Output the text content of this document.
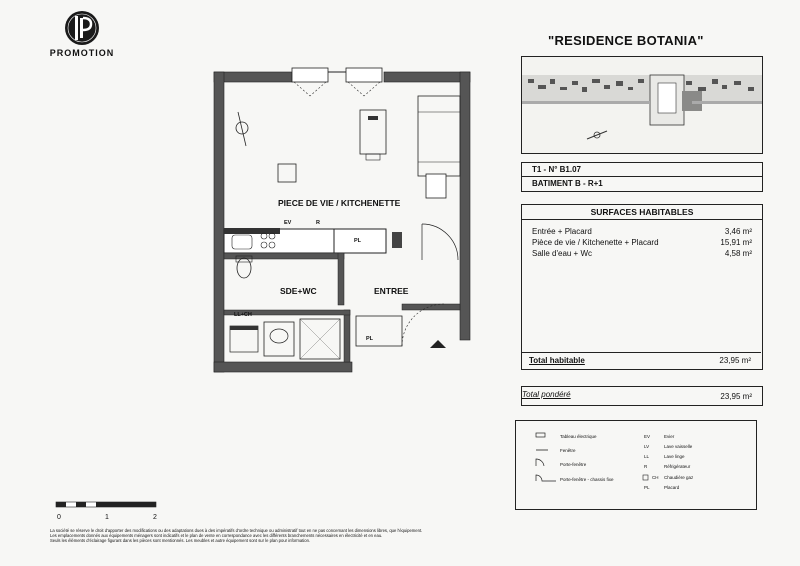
PROMOTION
"RESIDENCE BOTANIA"
T1 - N° B1.07
BATIMENT B - R+1
SURFACES HABITABLES
Entrée + Placard	3,46 m²
Pièce de vie / Kitchenette + Placard	15,91 m²
Salle d'eau + Wc	4,58 m²
Total habitable	23,95 m²
Total pondéré	23,95 m²
Tableau électrique
Fenêtre
Porte-fenêtre
Porte-fenêtre - chassis fixe
EV	Evier
LV	Lave vaisselle
LL	Lave linge
R	Réfrigérateur
CH Chaudière gaz
PL	Placard
PIECE DE VIE / KITCHENETTE
EV	R
PL
SDE+WC	ENTREE
LL+CH
PL
0	1	2
La société se réserve le droit d'apporter des modifications ou des adaptations dues à des impératifs d'ordre technique ou administratif tout en ne pas concernant les dimensions libres, que l'équipement.
Les emplacements donnés aux équipements ménagers sont indicatifs et le plan de vente en correspondance avec les différents branchements nécessaires en électricité et en eau.
Seuls les éléments d'éclairage figurant dans les pièces sont mentionnés. Les meubles et autre équipement sont sur le plan pour information.
